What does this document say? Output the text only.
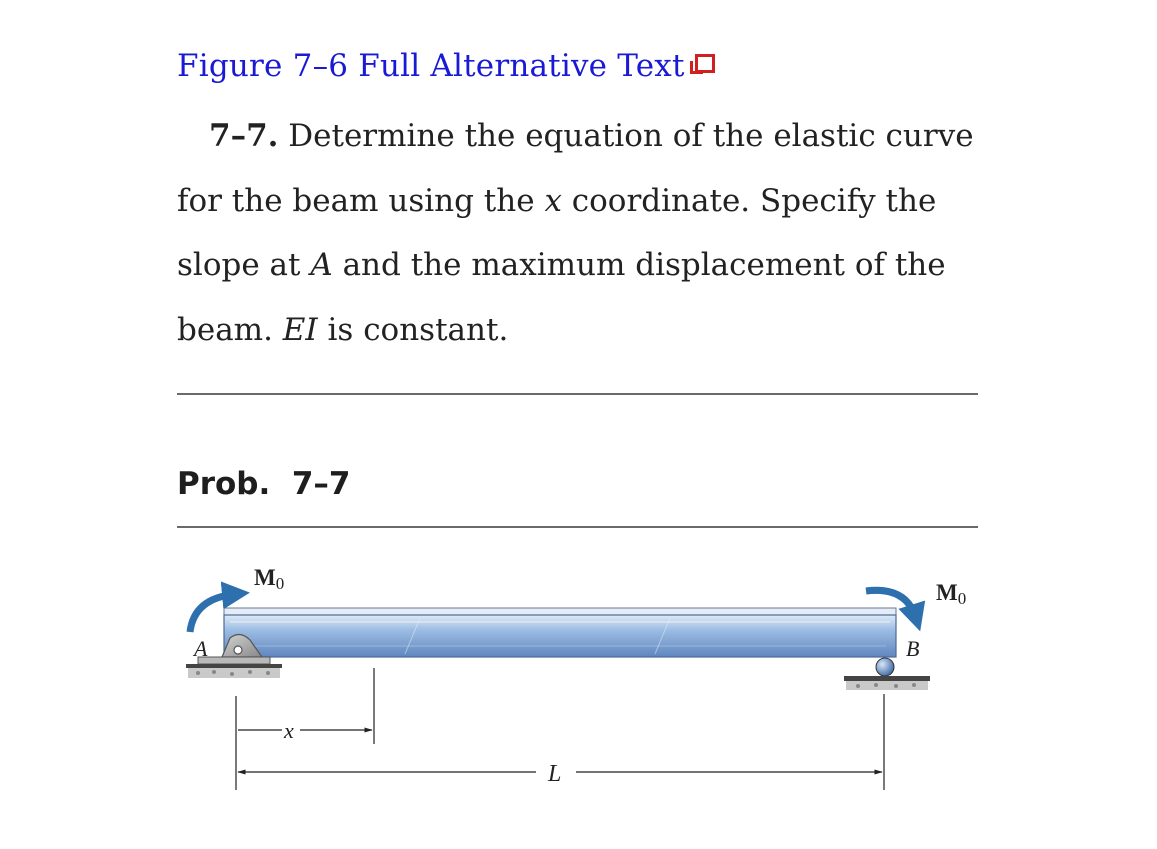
Figure 7–6 Full Alternative Text
7–7. Determine the equation of the elastic curve for the beam using the x coordinate. Specify the slope at A and the maximum displacement of the beam. EI is constant.
Prob.  7–7
M0	M0
A	B
x
L
